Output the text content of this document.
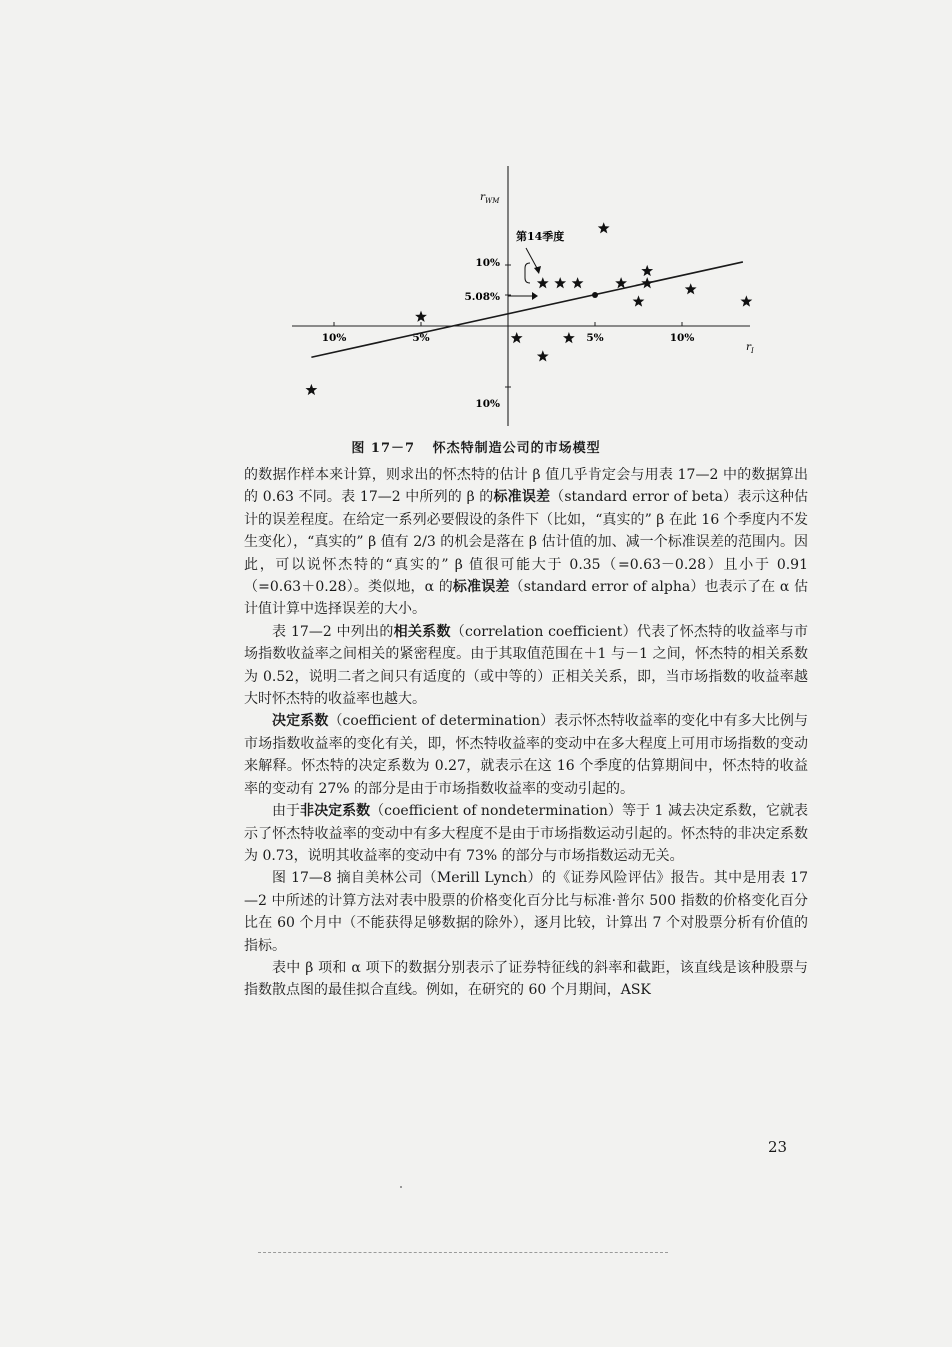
10%	5%	5%	10%
10%
5.08%
10%
第14季度
$r_{WM}$
$r_I$
图 17－7 怀杰特制造公司的市场模型

的数据作样本来计算，则求出的怀杰特的估计 β 值几乎肯定会与用表 17—2 中的数据算出的 0.63 不同。表 17—2 中所列的 β 的标准误差（standard error of beta）表示这种估计的误差程度。在给定一系列必要假设的条件下（比如，“真实的” β 在此 16 个季度内不发生变化），“真实的” β 值有 2/3 的机会是落在 β 估计值的加、减一个标准误差的范围内。因此，可以说怀杰特的“真实的” β 值很可能大于 0.35（=0.63－0.28）且小于 0.91（=0.63＋0.28）。类似地，α 的标准误差（standard error of alpha）也表示了在 α 估计值计算中选择误差的大小。

表 17—2 中列出的相关系数（correlation coefficient）代表了怀杰特的收益率与市场指数收益率之间相关的紧密程度。由于其取值范围在＋1 与－1 之间，怀杰特的相关系数为 0.52，说明二者之间只有适度的（或中等的）正相关关系，即，当市场指数的收益率越大时怀杰特的收益率也越大。

决定系数（coefficient of determination）表示怀杰特收益率的变化中有多大比例与市场指数收益率的变化有关，即，怀杰特收益率的变动中在多大程度上可用市场指数的变动来解释。怀杰特的决定系数为 0.27，就表示在这 16 个季度的估算期间中，怀杰特的收益率的变动有 27% 的部分是由于市场指数收益率的变动引起的。

由于非决定系数（coefficient of nondetermination）等于 1 减去决定系数，它就表示了怀杰特收益率的变动中有多大程度不是由于市场指数运动引起的。怀杰特的非决定系数为 0.73，说明其收益率的变动中有 73% 的部分与市场指数运动无关。

图 17—8 摘自美林公司（Merill Lynch）的《证券风险评估》报告。其中是用表 17—2 中所述的计算方法对表中股票的价格变化百分比与标准·普尔 500 指数的价格变化百分比在 60 个月中（不能获得足够数据的除外），逐月比较，计算出 7 个对股票分析有价值的指标。

表中 β 项和 α 项下的数据分别表示了证券特征线的斜率和截距，该直线是该种股票与指数散点图的最佳拟合直线。例如，在研究的 60 个月期间，ASK

23
